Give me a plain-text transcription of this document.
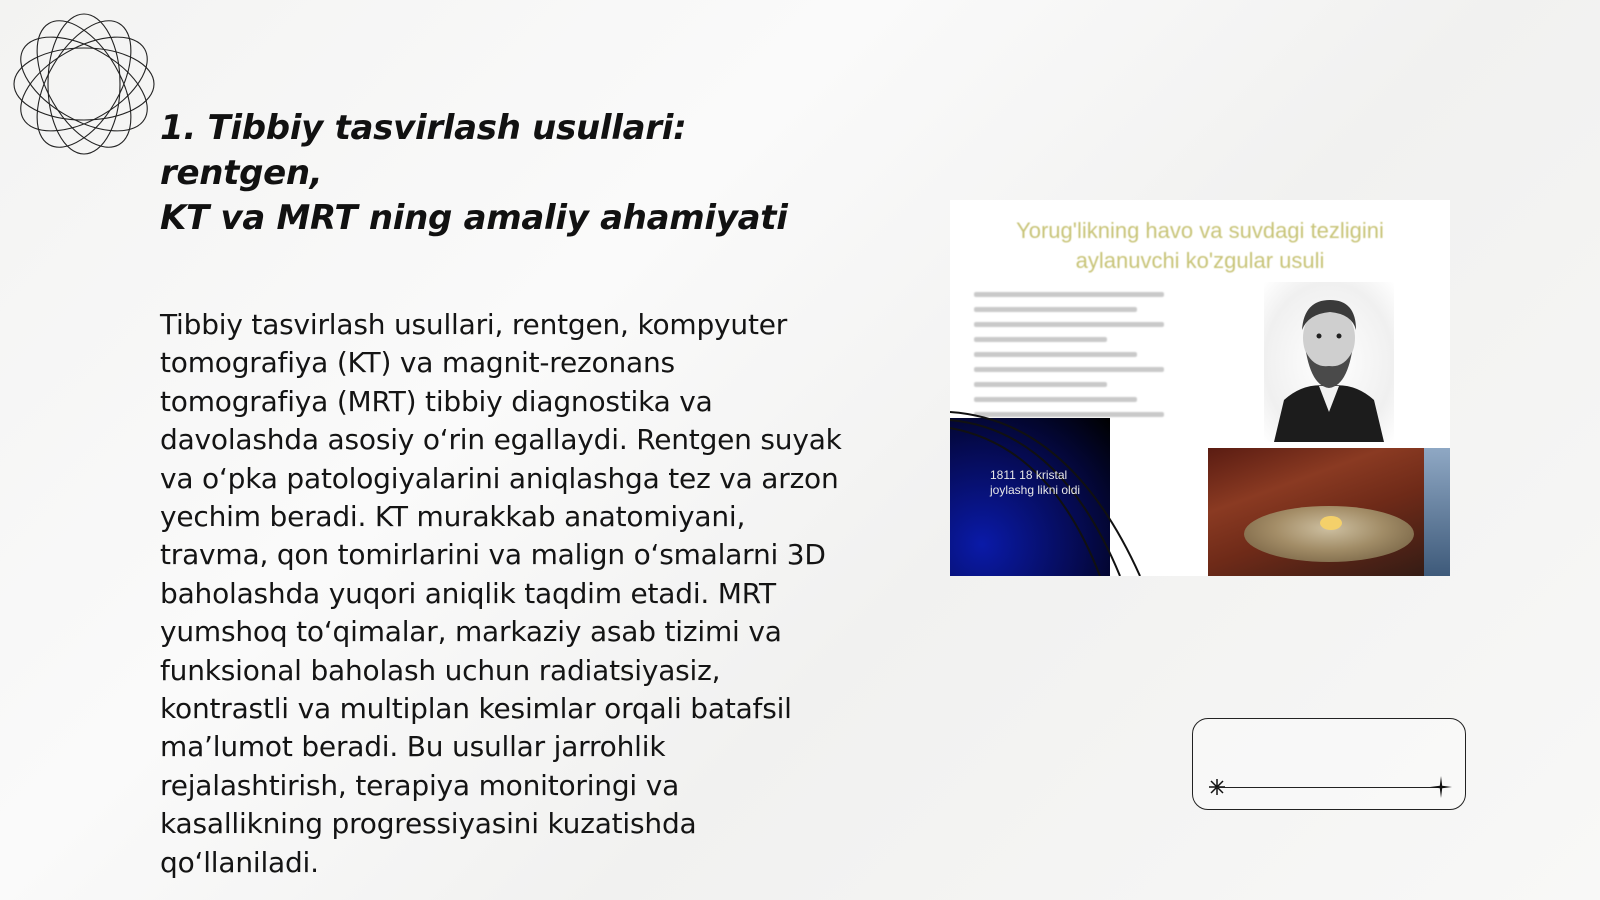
1. Tibbiy tasvirlash usullari: rentgen,
KT va MRT ning amaliy ahamiyati

Tibbiy tasvirlash usullari, rentgen, kompyuter tomografiya (KT) va magnit-rezonans tomografiya (MRT) tibbiy diagnostika va davolashda asosiy o‘rin egallaydi. Rentgen suyak va o‘pka patologiyalarini aniqlashga tez va arzon yechim beradi. KT murakkab anatomiyani, travma, qon tomirlarini va malign o‘smalarni 3D baholashda yuqori aniqlik taqdim etadi. MRT yumshoq to‘qimalar, markaziy asab tizimi va funksional baholash uchun radiatsiyasiz, kontrastli va multiplan kesimlar orqali batafsil ma’lumot beradi. Bu usullar jarrohlik rejalashtirish, terapiya monitoringi va kasallikning progressiyasini kuzatishda qo‘llaniladi.

Yorug'likning havo va suvdagi tezligini
aylanuvchi ko'zgular usuli
1811 18 kristal joylashg likni oldi
